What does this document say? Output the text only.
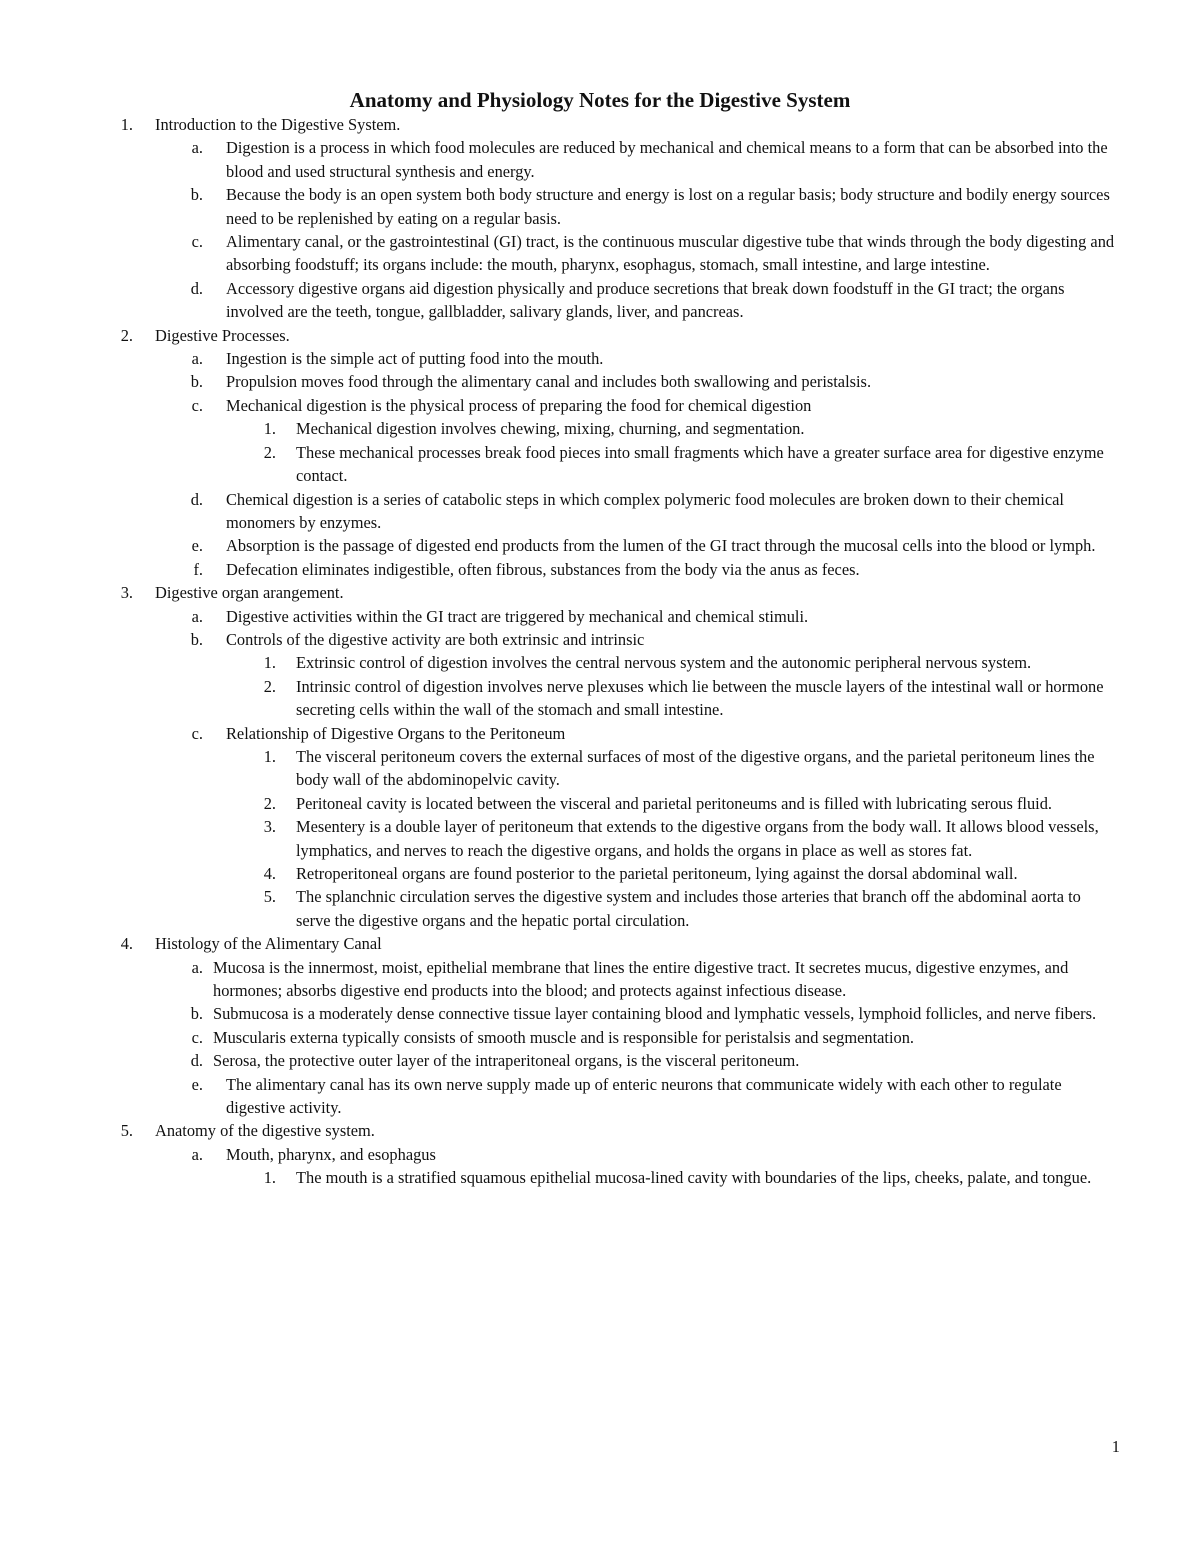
Anatomy and Physiology Notes for the Digestive System
1. Introduction to the Digestive System.
a. Digestion is a process in which food molecules are reduced by mechanical and chemical means to a form that can be absorbed into the blood and used structural synthesis and energy.
b. Because the body is an open system both body structure and energy is lost on a regular basis; body structure and bodily energy sources need to be replenished by eating on a regular basis.
c. Alimentary canal, or the gastrointestinal (GI) tract, is the continuous muscular digestive tube that winds through the body digesting and absorbing foodstuff; its organs include: the mouth, pharynx, esophagus, stomach, small intestine, and large intestine.
d. Accessory digestive organs aid digestion physically and produce secretions that break down foodstuff in the GI tract; the organs involved are the teeth, tongue, gallbladder, salivary glands, liver, and pancreas.
2. Digestive Processes.
a. Ingestion is the simple act of putting food into the mouth.
b. Propulsion moves food through the alimentary canal and includes both swallowing and peristalsis.
c. Mechanical digestion is the physical process of preparing the food for chemical digestion
1. Mechanical digestion involves chewing, mixing, churning, and segmentation.
2. These mechanical processes break food pieces into small fragments which have a greater surface area for digestive enzyme contact.
d. Chemical digestion is a series of catabolic steps in which complex polymeric food molecules are broken down to their chemical monomers by enzymes.
e. Absorption is the passage of digested end products from the lumen of the GI tract through the mucosal cells into the blood or lymph.
f. Defecation eliminates indigestible, often fibrous, substances from the body via the anus as feces.
3. Digestive organ arangement.
a. Digestive activities within the GI tract are triggered by mechanical and chemical stimuli.
b. Controls of the digestive activity are both extrinsic and intrinsic
1. Extrinsic control of digestion involves the central nervous system and the autonomic peripheral nervous system.
2. Intrinsic control of digestion involves nerve plexuses which lie between the muscle layers of the intestinal wall or hormone secreting cells within the wall of the stomach and small intestine.
c. Relationship of Digestive Organs to the Peritoneum
1. The visceral peritoneum covers the external surfaces of most of the digestive organs, and the parietal peritoneum lines the body wall of the abdominopelvic cavity.
2. Peritoneal cavity is located between the visceral and parietal peritoneums and is filled with lubricating serous fluid.
3. Mesentery is a double layer of peritoneum that extends to the digestive organs from the body wall. It allows blood vessels, lymphatics, and nerves to reach the digestive organs, and holds the organs in place as well as stores fat.
4. Retroperitoneal organs are found posterior to the parietal peritoneum, lying against the dorsal abdominal wall.
5. The splanchnic circulation serves the digestive system and includes those arteries that branch off the abdominal aorta to serve the digestive organs and the hepatic portal circulation.
4. Histology of the Alimentary Canal
a. Mucosa is the innermost, moist, epithelial membrane that lines the entire digestive tract. It secretes mucus, digestive enzymes, and hormones; absorbs digestive end products into the blood; and protects against infectious disease.
b. Submucosa is a moderately dense connective tissue layer containing blood and lymphatic vessels, lymphoid follicles, and nerve fibers.
c. Muscularis externa typically consists of smooth muscle and is responsible for peristalsis and segmentation.
d. Serosa, the protective outer layer of the intraperitoneal organs, is the visceral peritoneum.
e. The alimentary canal has its own nerve supply made up of enteric neurons that communicate widely with each other to regulate digestive activity.
5. Anatomy of the digestive system.
a. Mouth, pharynx, and esophagus
1. The mouth is a stratified squamous epithelial mucosa-lined cavity with boundaries of the lips, cheeks, palate, and tongue.
1
